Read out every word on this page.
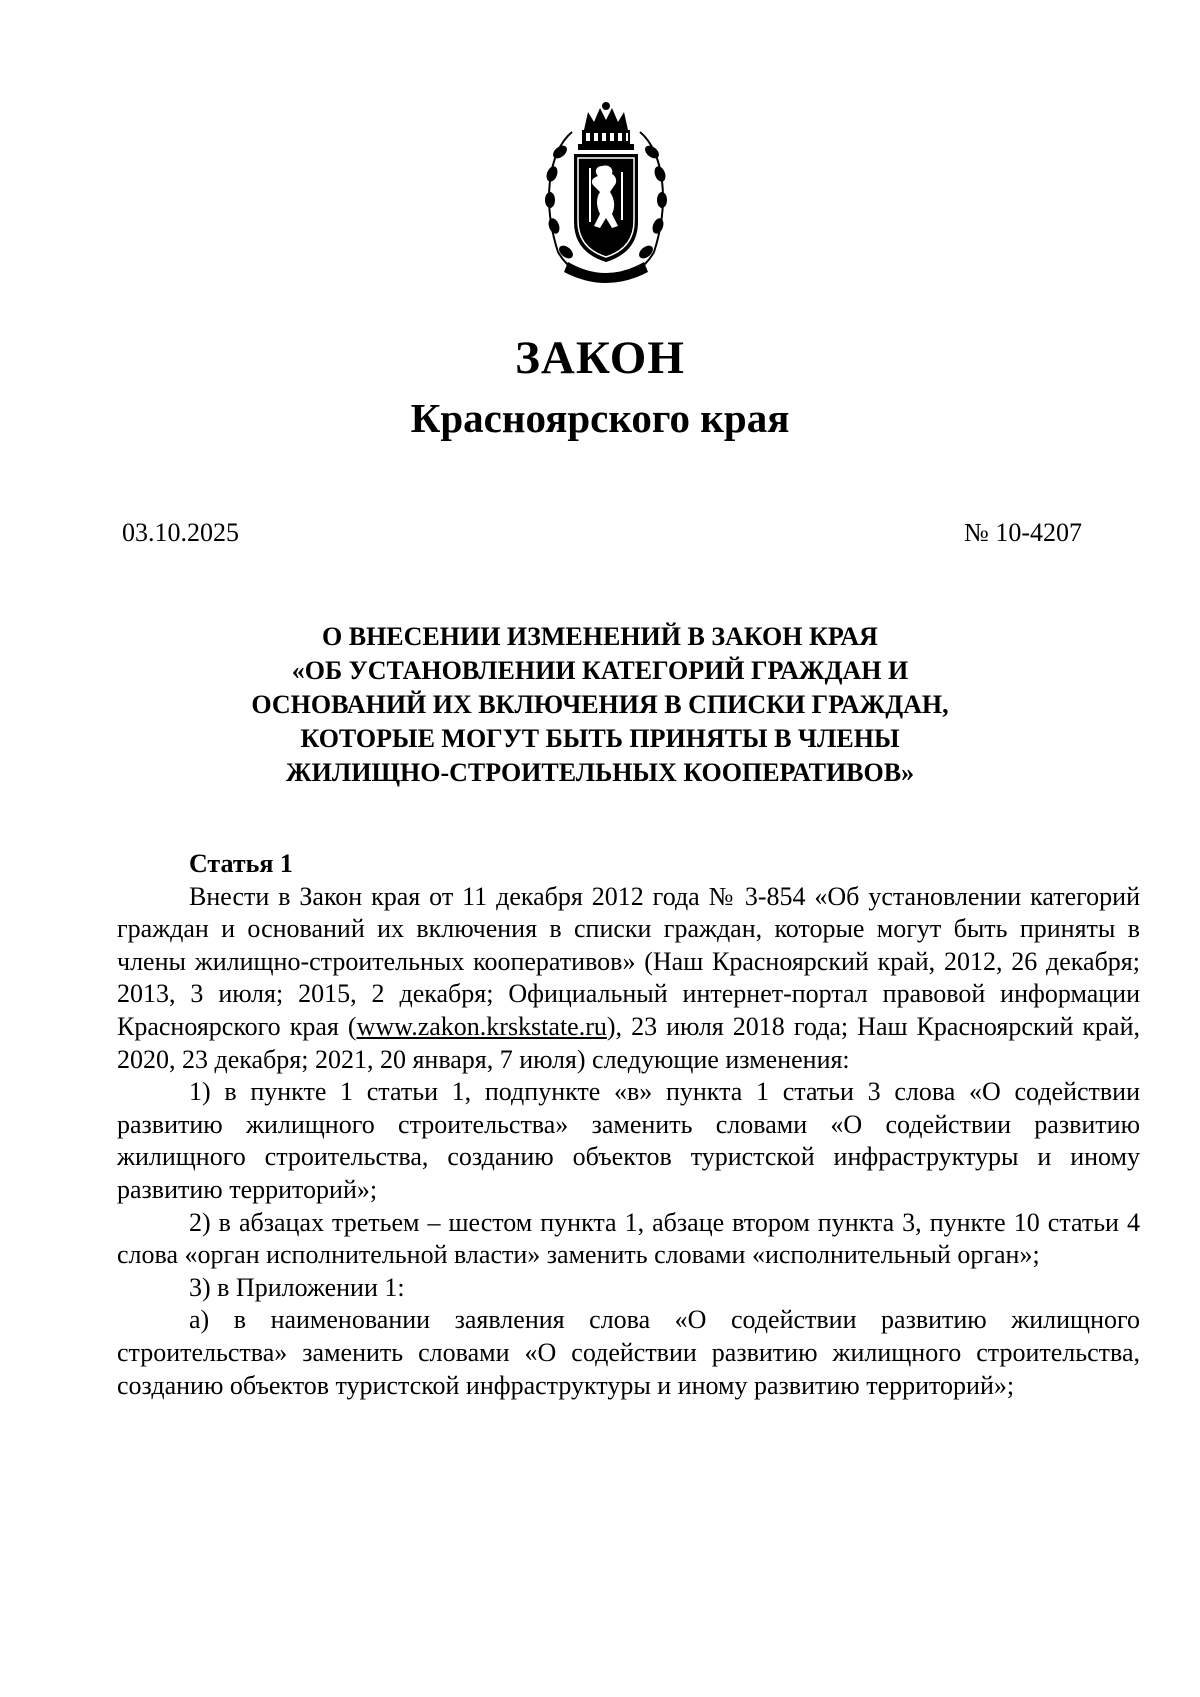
ЗАКОН
Красноярского края
03.10.2025	№ 10-4207
О ВНЕСЕНИИ ИЗМЕНЕНИЙ В ЗАКОН КРАЯ
«ОБ УСТАНОВЛЕНИИ КАТЕГОРИЙ ГРАЖДАН И
ОСНОВАНИЙ ИХ ВКЛЮЧЕНИЯ В СПИСКИ ГРАЖДАН,
КОТОРЫЕ МОГУТ БЫТЬ ПРИНЯТЫ В ЧЛЕНЫ
ЖИЛИЩНО-СТРОИТЕЛЬНЫХ КООПЕРАТИВОВ»
Статья 1

Внести в Закон края от 11 декабря 2012 года № 3-854 «Об установлении категорий граждан и оснований их включения в списки граждан, которые могут быть приняты в члены жилищно-строительных кооперативов» (Наш Красноярский край, 2012, 26 декабря; 2013, 3 июля; 2015, 2 декабря; Официальный интернет-портал правовой информации Красноярского края (www.zakon.krskstate.ru), 23 июля 2018 года; Наш Красноярский край, 2020, 23 декабря; 2021, 20 января, 7 июля) следующие изменения:

1) в пункте 1 статьи 1, подпункте «в» пункта 1 статьи 3 слова «О содействии развитию жилищного строительства» заменить словами «О содействии развитию жилищного строительства, созданию объектов туристской инфраструктуры и иному развитию территорий»;

2) в абзацах третьем – шестом пункта 1, абзаце втором пункта 3, пункте 10 статьи 4 слова «орган исполнительной власти» заменить словами «исполнительный орган»;

3) в Приложении 1:

а) в наименовании заявления слова «О содействии развитию жилищного строительства» заменить словами «О содействии развитию жилищного строительства, созданию объектов туристской инфраструктуры и иному развитию территорий»;
